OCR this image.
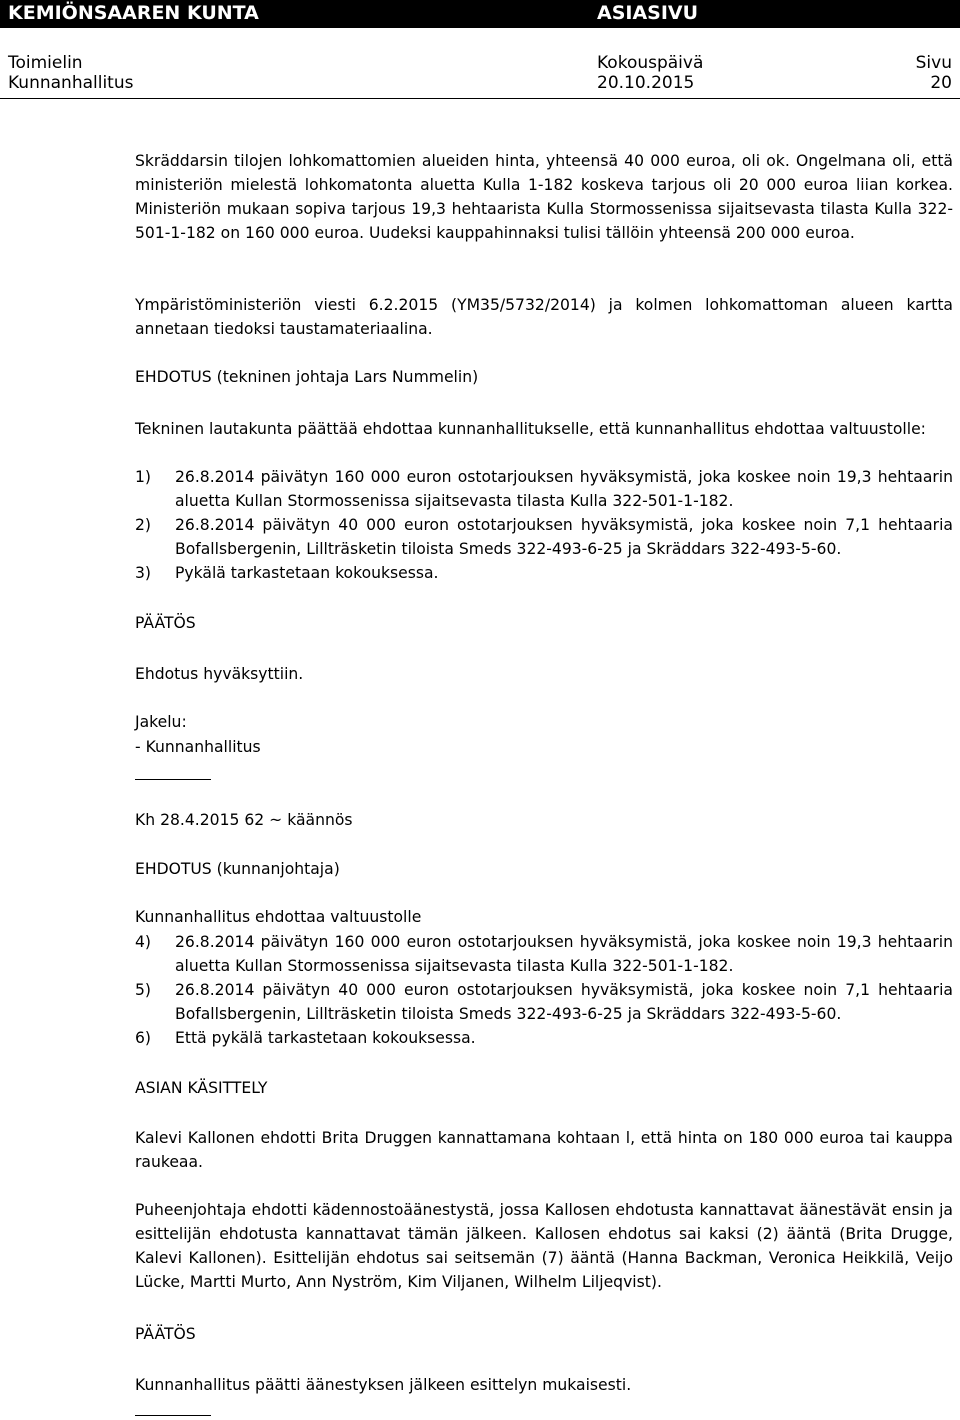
KEMIÖNSAAREN KUNTA	ASIASIVU
Toimielin
Kunnanhallitus
Kokouspäivä
20.10.2015
Sivu
20

Skräddarsin tilojen lohkomattomien alueiden hinta, yhteensä 40 000 euroa, oli ok. Ongelmana oli, että ministeriön mielestä lohkomatonta aluetta Kulla 1-182 koskeva tarjous oli 20 000 euroa liian korkea. Ministeriön mukaan sopiva tarjous 19,3 hehtaarista Kulla Stormossenissa sijaitsevasta tilasta Kulla 322-501-1-182 on 160 000 euroa. Uudeksi kauppahinnaksi tulisi tällöin yhteensä 200 000 euroa.

Ympäristöministeriön viesti 6.2.2015 (YM35/5732/2014) ja kolmen lohkomattoman alueen kartta annetaan tiedoksi taustamateriaalina.

EHDOTUS (tekninen johtaja Lars Nummelin)

Tekninen lautakunta päättää ehdottaa kunnanhallitukselle, että kunnanhallitus ehdottaa valtuustolle:

1)	26.8.2014 päivätyn 160 000 euron ostotarjouksen hyväksymistä, joka koskee noin 19,3 hehtaarin aluetta Kullan Stormossenissa sijaitsevasta tilasta Kulla 322-501-1-182.
2)	26.8.2014 päivätyn 40 000 euron ostotarjouksen hyväksymistä, joka koskee noin 7,1 hehtaaria Bofallsbergenin, Lillträsketin tiloista Smeds 322-493-6-25 ja Skräddars 322-493-5-60.
3)	Pykälä tarkastetaan kokouksessa.
PÄÄTÖS
Ehdotus hyväksyttiin.
Jakelu:
- Kunnanhallitus
Kh 28.4.2015 62 ~ käännös
EHDOTUS (kunnanjohtaja)
Kunnanhallitus ehdottaa valtuustolle
4)	26.8.2014 päivätyn 160 000 euron ostotarjouksen hyväksymistä, joka koskee noin 19,3 hehtaarin aluetta Kullan Stormossenissa sijaitsevasta tilasta Kulla 322-501-1-182.
5)	26.8.2014 päivätyn 40 000 euron ostotarjouksen hyväksymistä, joka koskee noin 7,1 hehtaaria Bofallsbergenin, Lillträsketin tiloista Smeds 322-493-6-25 ja Skräddars 322-493-5-60.
6)	Että pykälä tarkastetaan kokouksessa.
ASIAN KÄSITTELY

Kalevi Kallonen ehdotti Brita Druggen kannattamana kohtaan l, että hinta on 180 000 euroa tai kauppa raukeaa.

Puheenjohtaja ehdotti kädennostoäänestystä, jossa Kallosen ehdotusta kannattavat äänestävät ensin ja esittelijän ehdotusta kannattavat tämän jälkeen. Kallosen ehdotus sai kaksi (2) ääntä (Brita Drugge, Kalevi Kallonen). Esittelijän ehdotus sai seitsemän (7) ääntä (Hanna Backman, Veronica Heikkilä, Veijo Lücke, Martti Murto, Ann Nyström, Kim Viljanen, Wilhelm Liljeqvist).

PÄÄTÖS
Kunnanhallitus päätti äänestyksen jälkeen esittelyn mukaisesti.
